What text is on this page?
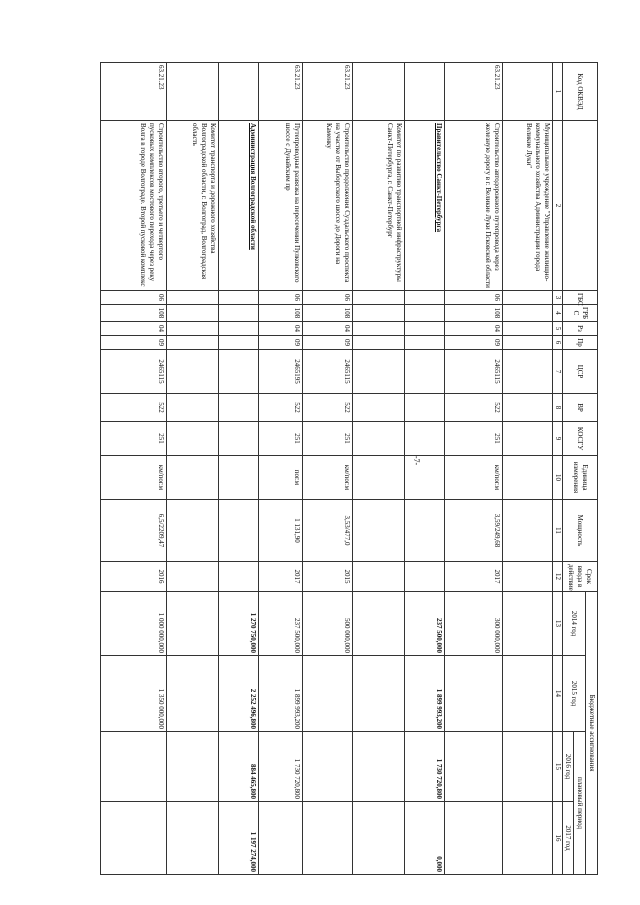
Код ОКВЭД		ГБС	ГРБ С	Рз	Пр	ЦСР	ВР	КОСГУ	Единица измерения	Мощность	Срок ввода в действие	Бюджетные ассигнования			
												2014 год	2015 год	плановый период	
														2016 год	2017 год
1	2	3	4	5	6	7	8	9	10	11	12	13	14	15	16
	Муниципальное учреждение "Управление жилищно-коммунального хозяйства Администрации города Великие Луки"														
63.21.23	Строительство автодорожного путепровода через железную дорогу в г. Великие Луки Псковской области	06	108	04	09	2465115	522	251	км/пог.м	3,59/249,68	2017	300 000,000			
	Правительство Санкт-Петербурга											237 500,000	1 899 993,200	1 730 720,800	0,000
	Комитет по развитию транспортной инфраструктуры Санкт-Петербурга, г. Санкт-Петербург														
63.21.23	Строительство продолжения Суздальского проспекта на участке от Выборгского шоссе до Дороги на Каменку	06	108	04	09	2465115	522	251	км/пог.м	3,53/477,0	2015	500 000,000			
63.21.23	Путепроводная развязка на пересечении Пулковского шоссе с Дунайским пр	06	108	04	09	2465195	522	251	пог.м	1 131,90	2017	237 500,000	1 899 993,200	1 730 720,800	
	Администрация Волгоградской области											1 270 750,000	2 252 496,800	884 465,800	1 197 274,000
	Комитет транспорта и дорожного хозяйства Волгоградской области, г. Волгоград, Волгоградская область														
63.21.23	Строительство второго, третьего и четвертого пусковых комплексов мостового перехода через реку Волга в городе Волгограде. Второй пусковой комплекс	06	108	04	09	2465115	522	251	км/пог.м	6,5/2209,47	2016	1 000 000,000	1 350 000,000		
-7-
